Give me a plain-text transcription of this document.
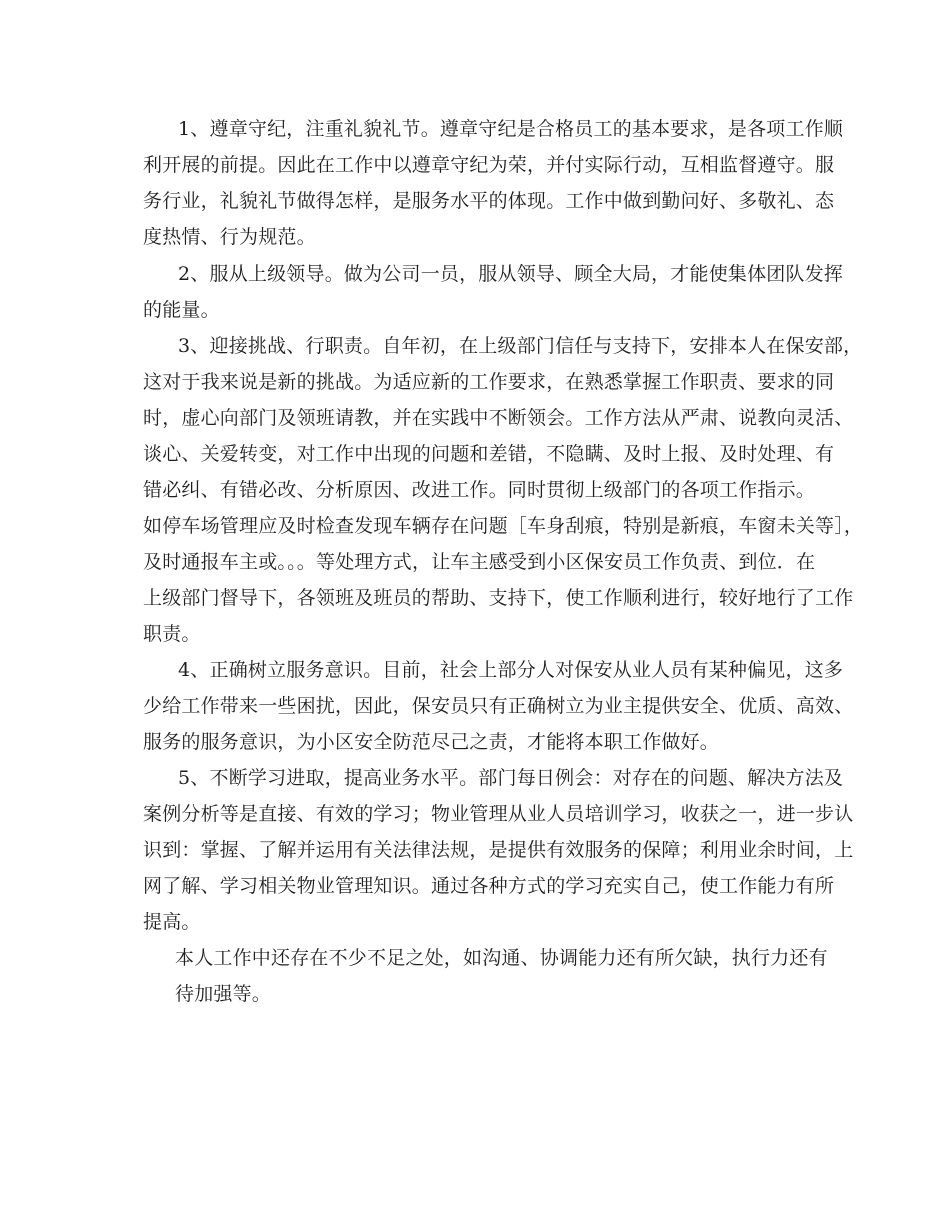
1、遵章守纪，注重礼貌礼节。遵章守纪是合格员工的基本要求，是各项工作顺
利开展的前提。因此在工作中以遵章守纪为荣，并付实际行动，互相监督遵守。服
务行业，礼貌礼节做得怎样，是服务水平的体现。工作中做到勤问好、多敬礼、态
度热情、行为规范。
2、服从上级领导。做为公司一员，服从领导、顾全大局，才能使集体团队发挥
的能量。
3、迎接挑战、行职责。自年初，在上级部门信任与支持下，安排本人在保安部，
这对于我来说是新的挑战。为适应新的工作要求，在熟悉掌握工作职责、要求的同
时，虚心向部门及领班请教，并在实践中不断领会。工作方法从严肃、说教向灵活、
谈心、关爱转变，对工作中出现的问题和差错，不隐瞒、及时上报、及时处理、有
错必纠、有错必改、分析原因、改进工作。同时贯彻上级部门的各项工作指示。
如停车场管理应及时检查发现车辆存在问题［车身刮痕，特别是新痕，车窗未关等］，
及时通报车主或。。。等处理方式，让车主感受到小区保安员工作负责、到位．在
上级部门督导下，各领班及班员的帮助、支持下，使工作顺利进行，较好地行了工作
职责。
4、正确树立服务意识。目前，社会上部分人对保安从业人员有某种偏见，这多
少给工作带来一些困扰，因此，保安员只有正确树立为业主提供安全、优质、高效、
服务的服务意识，为小区安全防范尽己之责，才能将本职工作做好。
5、不断学习进取，提高业务水平。部门每日例会：对存在的问题、解决方法及
案例分析等是直接、有效的学习；物业管理从业人员培训学习，收获之一，进一步认
识到：掌握、了解并运用有关法律法规，是提供有效服务的保障；利用业余时间，上
网了解、学习相关物业管理知识。通过各种方式的学习充实自己，使工作能力有所
提高。
本人工作中还存在不少不足之处，如沟通、协调能力还有所欠缺，执行力还有
待加强等。
